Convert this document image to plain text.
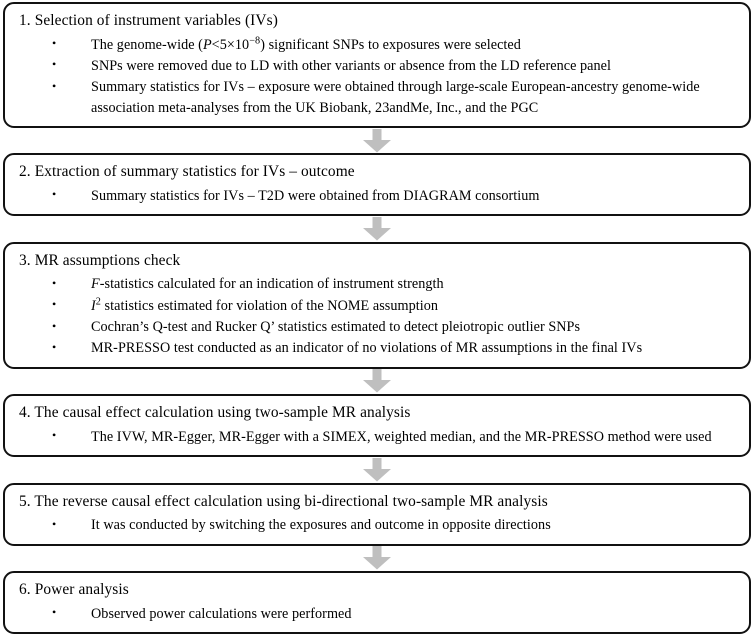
1. Selection of instrument variables (IVs)
• The genome-wide $(P<5\times 10^{-8})$ significant SNPs to exposures were selected
• SNPs were removed due to LD with other variants or absence from the LD reference panel
• Summary statistics for IVs – exposure were obtained through large-scale European-ancestry genome-wide association meta-analyses from the UK Biobank, 23andMe, Inc., and the PGC
2. Extraction of summary statistics for IVs – outcome
• Summary statistics for IVs – T2D were obtained from DIAGRAM consortium
3. MR assumptions check
• F-statistics calculated for an indication of instrument strength
• $I^2$ statistics estimated for violation of the NOME assumption
• Cochran’s Q-test and Rucker Q’ statistics estimated to detect pleiotropic outlier SNPs
• MR-PRESSO test conducted as an indicator of no violations of MR assumptions in the final IVs
4. The causal effect calculation using two-sample MR analysis
• The IVW, MR-Egger, MR-Egger with a SIMEX, weighted median, and the MR-PRESSO method were used
5. The reverse causal effect calculation using bi-directional two-sample MR analysis
• It was conducted by switching the exposures and outcome in opposite directions
6. Power analysis
• Observed power calculations were performed
